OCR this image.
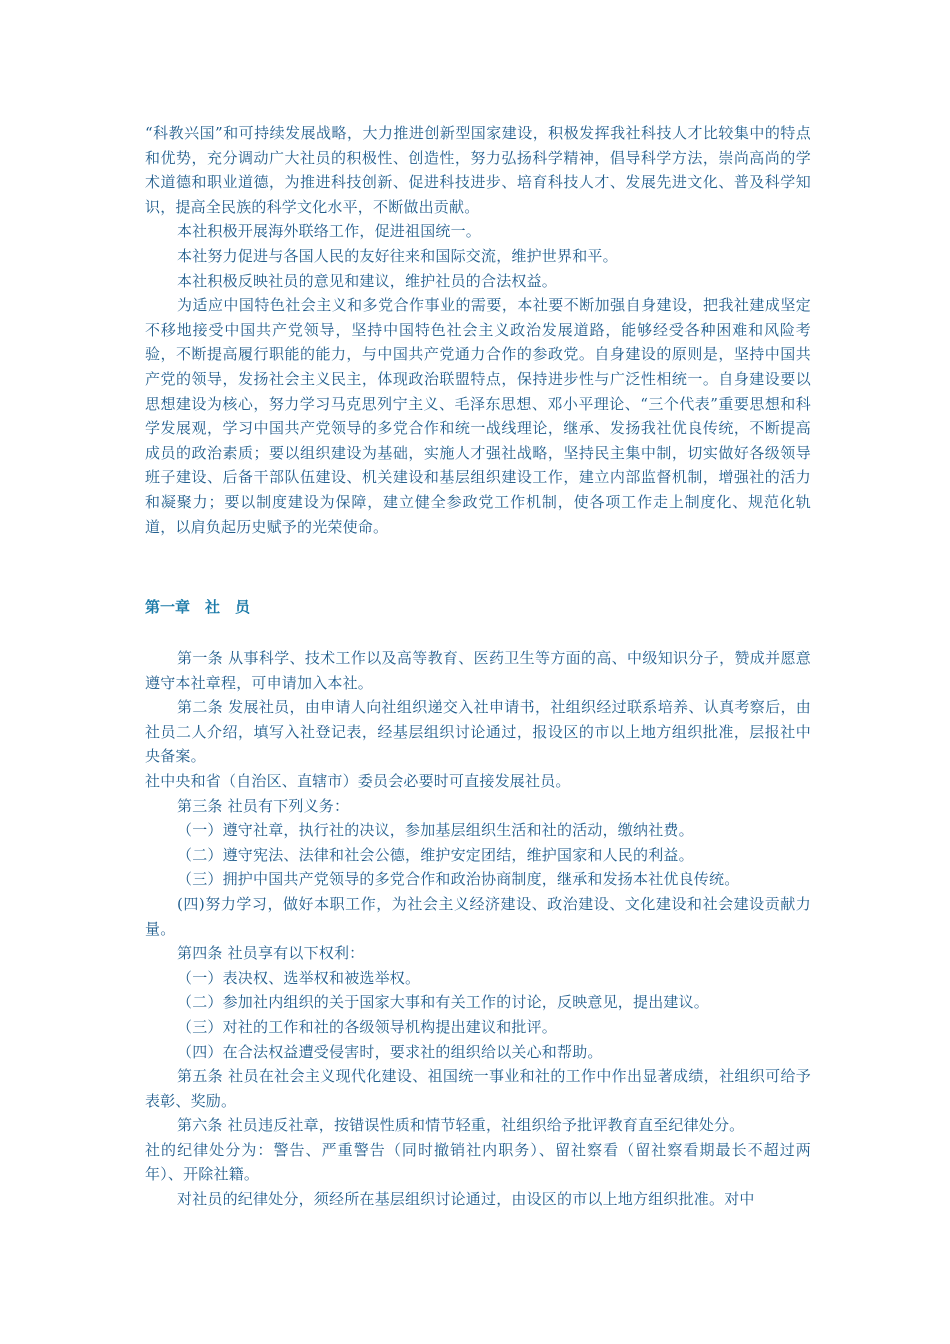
“科教兴国”和可持续发展战略，大力推进创新型国家建设，积极发挥我社科技人才比较集中的特点和优势，充分调动广大社员的积极性、创造性，努力弘扬科学精神，倡导科学方法，崇尚高尚的学术道德和职业道德，为推进科技创新、促进科技进步、培育科技人才、发展先进文化、普及科学知识，提高全民族的科学文化水平，不断做出贡献。

本社积极开展海外联络工作，促进祖国统一。

本社努力促进与各国人民的友好往来和国际交流，维护世界和平。

本社积极反映社员的意见和建议，维护社员的合法权益。

为适应中国特色社会主义和多党合作事业的需要，本社要不断加强自身建设，把我社建成坚定不移地接受中国共产党领导，坚持中国特色社会主义政治发展道路，能够经受各种困难和风险考验，不断提高履行职能的能力，与中国共产党通力合作的参政党。自身建设的原则是，坚持中国共产党的领导，发扬社会主义民主，体现政治联盟特点，保持进步性与广泛性相统一。自身建设要以思想建设为核心，努力学习马克思列宁主义、毛泽东思想、邓小平理论、“三个代表”重要思想和科学发展观，学习中国共产党领导的多党合作和统一战线理论，继承、发扬我社优良传统，不断提高成员的政治素质；要以组织建设为基础，实施人才强社战略，坚持民主集中制，切实做好各级领导班子建设、后备干部队伍建设、机关建设和基层组织建设工作，建立内部监督机制，增强社的活力和凝聚力；要以制度建设为保障，建立健全参政党工作机制，使各项工作走上制度化、规范化轨道，以肩负起历史赋予的光荣使命。

第一章　社　员

第一条 从事科学、技术工作以及高等教育、医药卫生等方面的高、中级知识分子，赞成并愿意遵守本社章程，可申请加入本社。

第二条 发展社员，由申请人向社组织递交入社申请书，社组织经过联系培养、认真考察后，由社员二人介绍，填写入社登记表，经基层组织讨论通过，报设区的市以上地方组织批准，层报社中央备案。

社中央和省（自治区、直辖市）委员会必要时可直接发展社员。

第三条 社员有下列义务：

（一）遵守社章，执行社的决议，参加基层组织生活和社的活动，缴纳社费。

（二）遵守宪法、法律和社会公德，维护安定团结，维护国家和人民的利益。

（三）拥护中国共产党领导的多党合作和政治协商制度，继承和发扬本社优良传统。

(四)努力学习，做好本职工作，为社会主义经济建设、政治建设、文化建设和社会建设贡献力量。

第四条 社员享有以下权利：

（一）表决权、选举权和被选举权。

（二）参加社内组织的关于国家大事和有关工作的讨论，反映意见，提出建议。

（三）对社的工作和社的各级领导机构提出建议和批评。

（四）在合法权益遭受侵害时，要求社的组织给以关心和帮助。

第五条 社员在社会主义现代化建设、祖国统一事业和社的工作中作出显著成绩，社组织可给予表彰、奖励。

第六条 社员违反社章，按错误性质和情节轻重，社组织给予批评教育直至纪律处分。

社的纪律处分为：警告、严重警告（同时撤销社内职务）、留社察看（留社察看期最长不超过两年）、开除社籍。

对社员的纪律处分，须经所在基层组织讨论通过，由设区的市以上地方组织批准。对中
